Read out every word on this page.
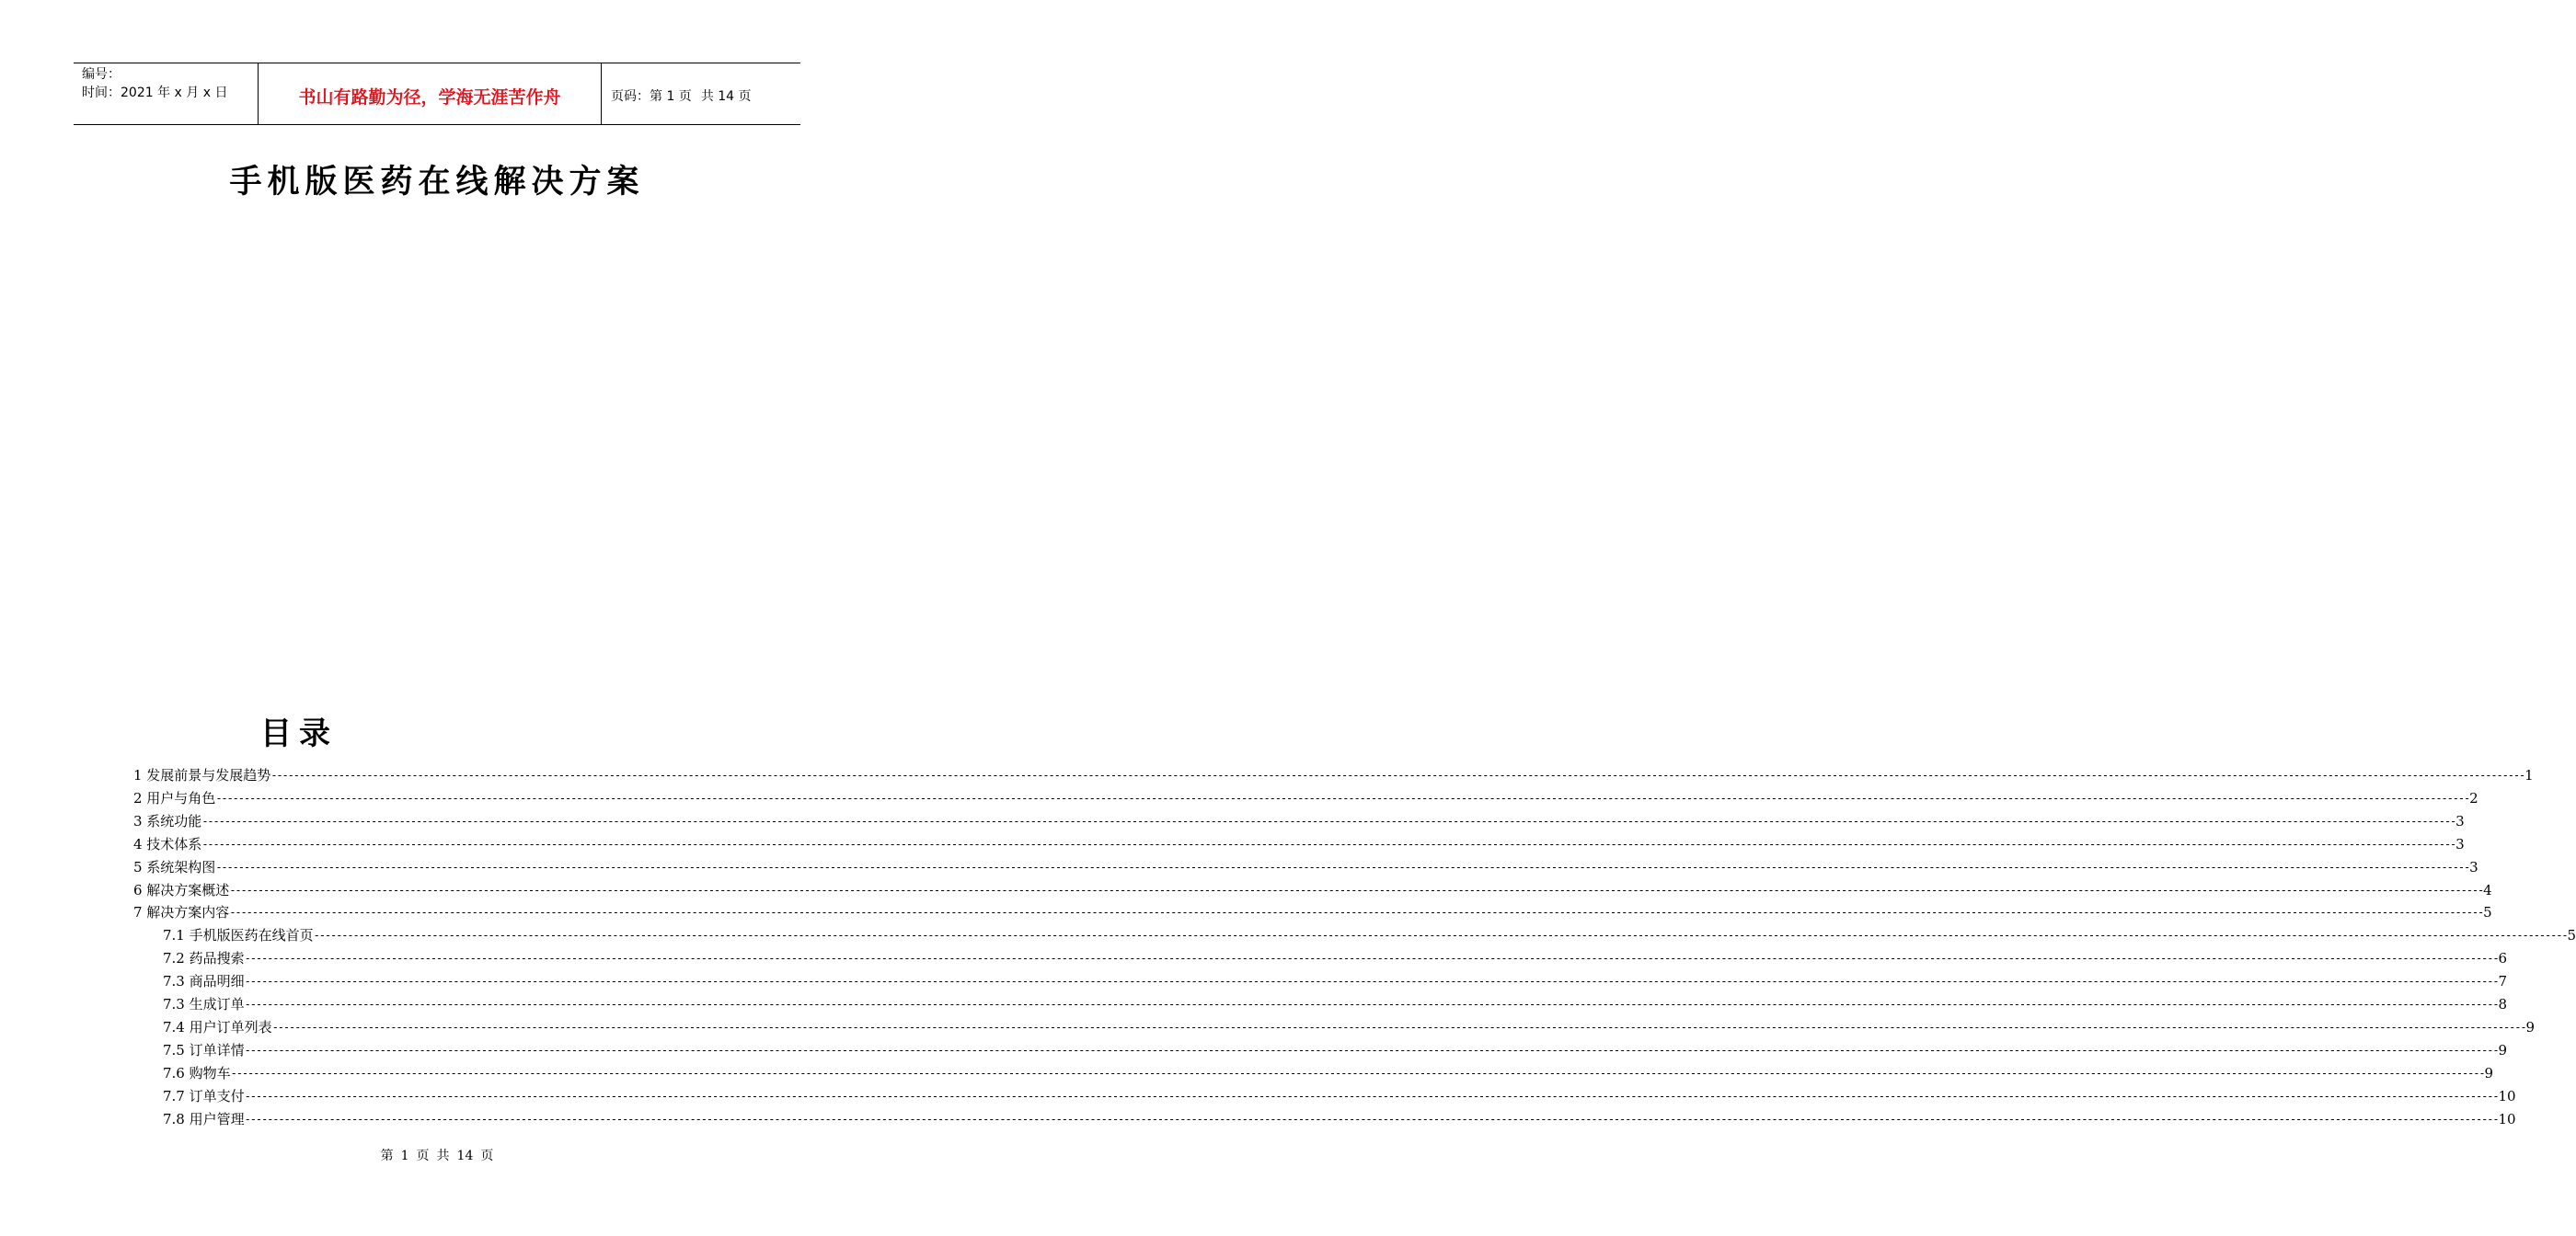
编号：
时间：2021 年 x 月 x 日	书山有路勤为径，学海无涯苦作舟	页码：第 1 页 共 14 页
手机版医药在线解决方案
目录
1 发展前景与发展趋势 ---------------------------------------------------------------------------------------------------------------------------------------------------------------------------------------------------------------------------------------------------------------------------------------------------------------------------------------------------------------------------------------------------------------- 1
2 用户与角色 ---------------------------------------------------------------------------------------------------------------------------------------------------------------------------------------------------------------------------------------------------------------------------------------------------------------------------------------------------------------------------------------------------------------- 2
3 系统功能 ---------------------------------------------------------------------------------------------------------------------------------------------------------------------------------------------------------------------------------------------------------------------------------------------------------------------------------------------------------------------------------------------------------------- 3
4 技术体系 ---------------------------------------------------------------------------------------------------------------------------------------------------------------------------------------------------------------------------------------------------------------------------------------------------------------------------------------------------------------------------------------------------------------- 3
5 系统架构图 ---------------------------------------------------------------------------------------------------------------------------------------------------------------------------------------------------------------------------------------------------------------------------------------------------------------------------------------------------------------------------------------------------------------- 3
6 解决方案概述 ---------------------------------------------------------------------------------------------------------------------------------------------------------------------------------------------------------------------------------------------------------------------------------------------------------------------------------------------------------------------------------------------------------------- 4
7 解决方案内容 ---------------------------------------------------------------------------------------------------------------------------------------------------------------------------------------------------------------------------------------------------------------------------------------------------------------------------------------------------------------------------------------------------------------- 5
7.1 手机版医药在线首页 ---------------------------------------------------------------------------------------------------------------------------------------------------------------------------------------------------------------------------------------------------------------------------------------------------------------------------------------------------------------------------------------------------------------- 5
7.2 药品搜索 ---------------------------------------------------------------------------------------------------------------------------------------------------------------------------------------------------------------------------------------------------------------------------------------------------------------------------------------------------------------------------------------------------------------- 6
7.3 商品明细 ---------------------------------------------------------------------------------------------------------------------------------------------------------------------------------------------------------------------------------------------------------------------------------------------------------------------------------------------------------------------------------------------------------------- 7
7.3 生成订单 ---------------------------------------------------------------------------------------------------------------------------------------------------------------------------------------------------------------------------------------------------------------------------------------------------------------------------------------------------------------------------------------------------------------- 8
7.4 用户订单列表 ---------------------------------------------------------------------------------------------------------------------------------------------------------------------------------------------------------------------------------------------------------------------------------------------------------------------------------------------------------------------------------------------------------------- 9
7.5 订单详情 ---------------------------------------------------------------------------------------------------------------------------------------------------------------------------------------------------------------------------------------------------------------------------------------------------------------------------------------------------------------------------------------------------------------- 9
7.6 购物车 ---------------------------------------------------------------------------------------------------------------------------------------------------------------------------------------------------------------------------------------------------------------------------------------------------------------------------------------------------------------------------------------------------------------- 9
7.7 订单支付 ---------------------------------------------------------------------------------------------------------------------------------------------------------------------------------------------------------------------------------------------------------------------------------------------------------------------------------------------------------------------------------------------------------------- 10
7.8 用户管理 ---------------------------------------------------------------------------------------------------------------------------------------------------------------------------------------------------------------------------------------------------------------------------------------------------------------------------------------------------------------------------------------------------------------- 10
第 1 页 共 14 页
